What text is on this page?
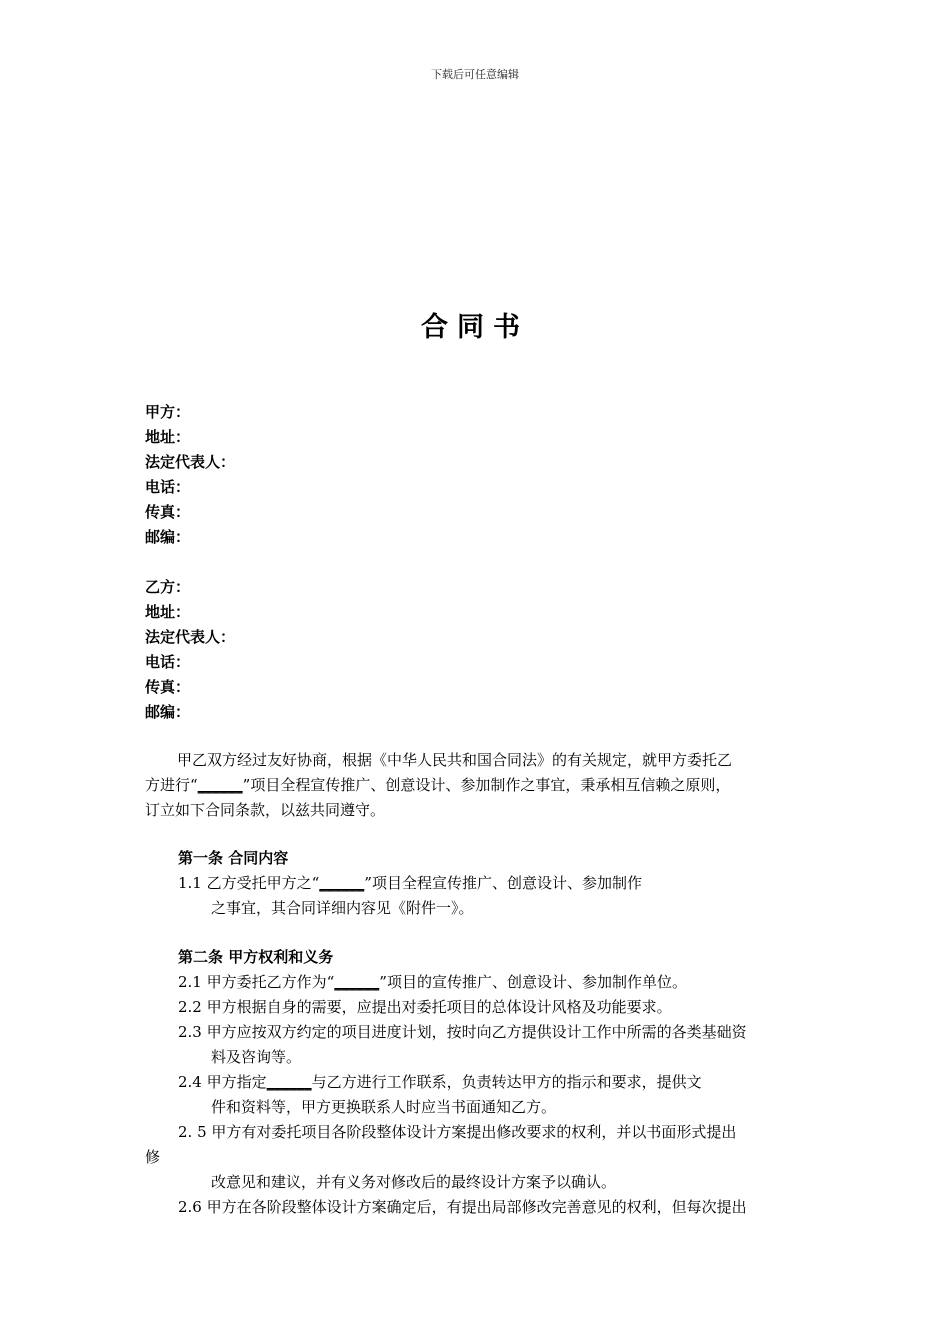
下载后可任意编辑
合同书
甲方：
地址：
法定代表人：
电话：
传真：
邮编：
乙方：
地址：
法定代表人：
电话：
传真：
邮编：
甲乙双方经过友好协商，根据《中华人民共和国合同法》的有关规定，就甲方委托乙
方进行“______”项目全程宣传推广、创意设计、参加制作之事宜，秉承相互信赖之原则，
订立如下合同条款，以兹共同遵守。
第一条 合同内容
1.1 乙方受托甲方之“______”项目全程宣传推广、创意设计、参加制作
之事宜，其合同详细内容见《附件一》。
第二条 甲方权利和义务
2.1 甲方委托乙方作为“______”项目的宣传推广、创意设计、参加制作单位。
2.2 甲方根据自身的需要，应提出对委托项目的总体设计风格及功能要求。
2.3 甲方应按双方约定的项目进度计划，按时向乙方提供设计工作中所需的各类基础资
料及咨询等。
2.4 甲方指定______与乙方进行工作联系，负责转达甲方的指示和要求，提供文
件和资料等，甲方更换联系人时应当书面通知乙方。
2. 5 甲方有对委托项目各阶段整体设计方案提出修改要求的权利，并以书面形式提出
修
改意见和建议，并有义务对修改后的最终设计方案予以确认。
2.6 甲方在各阶段整体设计方案确定后，有提出局部修改完善意见的权利，但每次提出
